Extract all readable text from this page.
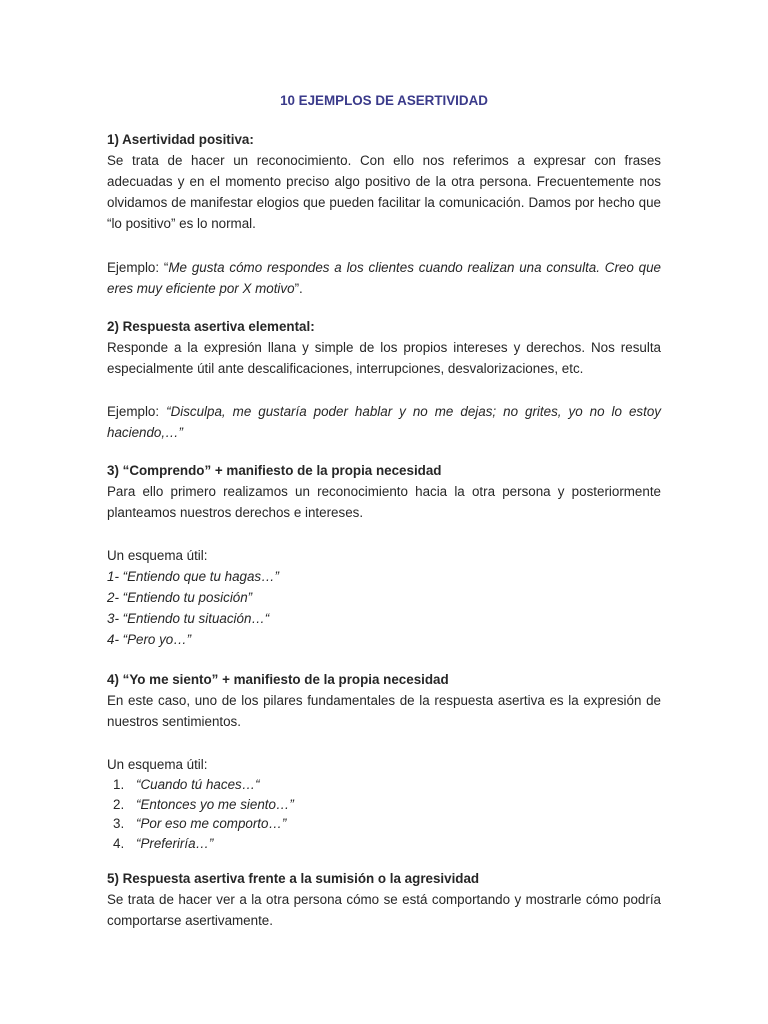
10 EJEMPLOS DE ASERTIVIDAD
1) Asertividad positiva:
Se trata de hacer un reconocimiento. Con ello nos referimos a expresar con frases adecuadas y en el momento preciso algo positivo de la otra persona. Frecuentemente nos olvidamos de manifestar elogios que pueden facilitar la comunicación. Damos por hecho que “lo positivo” es lo normal.
Ejemplo: “Me gusta cómo respondes a los clientes cuando realizan una consulta. Creo que eres muy eficiente por X motivo”.
2) Respuesta asertiva elemental:
Responde a la expresión llana y simple de los propios intereses y derechos. Nos resulta especialmente útil ante descalificaciones, interrupciones, desvalorizaciones, etc.
Ejemplo: “Disculpa, me gustaría poder hablar y no me dejas; no grites, yo no lo estoy haciendo,…”
3) “Comprendo” + manifiesto de la propia necesidad
Para ello primero realizamos un reconocimiento hacia la otra persona y posteriormente planteamos nuestros derechos e intereses.
Un esquema útil:
1- “Entiendo que tu hagas…”
2- “Entiendo tu posición”
3- “Entiendo tu situación…“
4- “Pero yo…”
4) “Yo me siento” + manifiesto de la propia necesidad
En este caso, uno de los pilares fundamentales de la respuesta asertiva es la expresión de nuestros sentimientos.
Un esquema útil:
1. “Cuando tú haces…“
2. “Entonces yo me siento…”
3. “Por eso me comporto…”
4. “Preferiría…”
5) Respuesta asertiva frente a la sumisión o la agresividad
Se trata de hacer ver a la otra persona cómo se está comportando y mostrarle cómo podría comportarse asertivamente.
